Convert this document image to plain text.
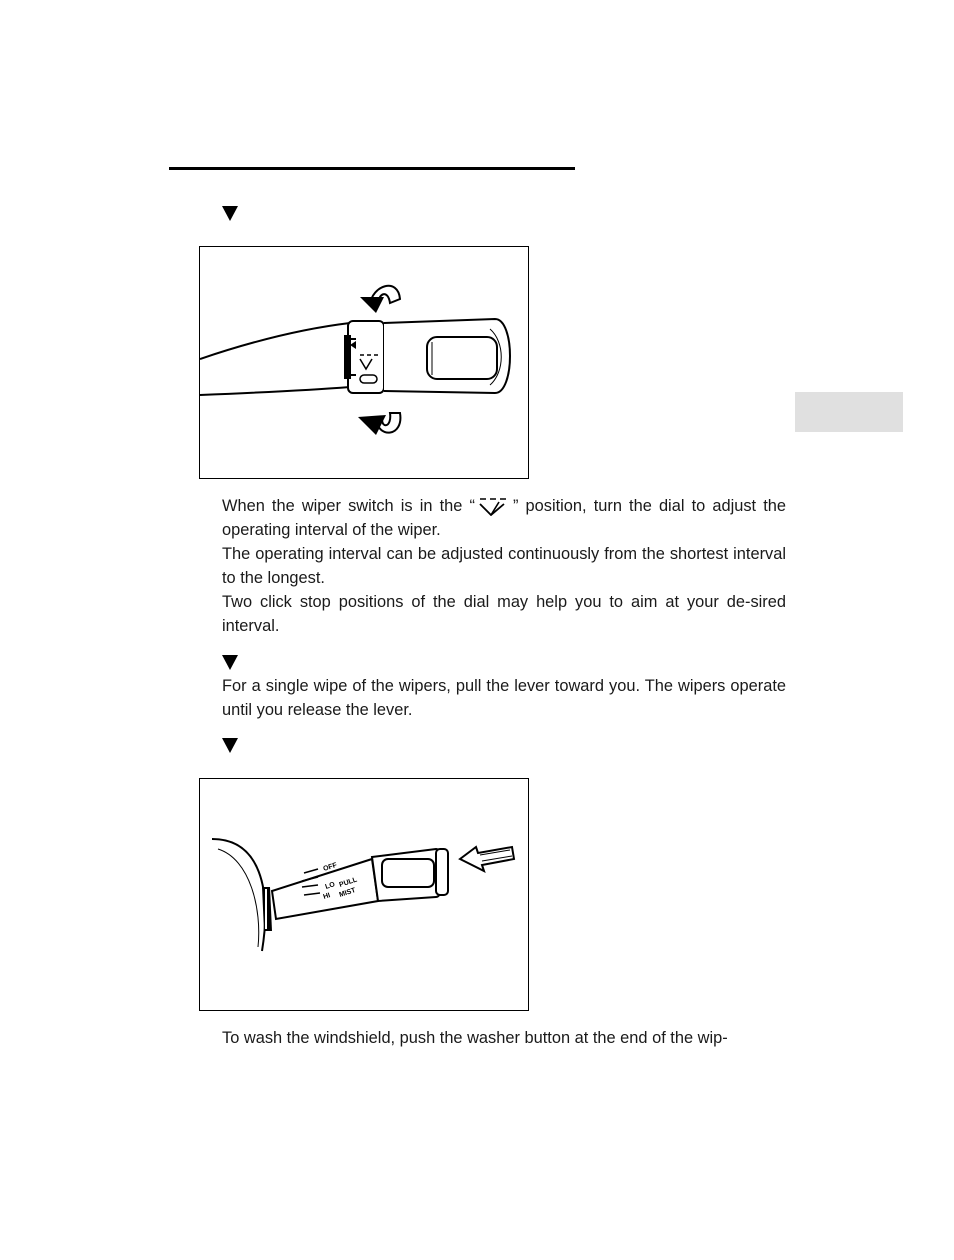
When the wiper switch is in the “ ” position, turn the dial to adjust the operating interval of the wiper.

The operating interval can be adjusted continuously from the shortest interval to the longest.

Two click stop positions of the dial may help you to aim at your de-sired interval.

For a single wipe of the wipers, pull the lever toward you. The wipers operate until you release the lever.

OFF
LO
HI
PULL
MIST

To wash the windshield, push the washer button at the end of the wip-
